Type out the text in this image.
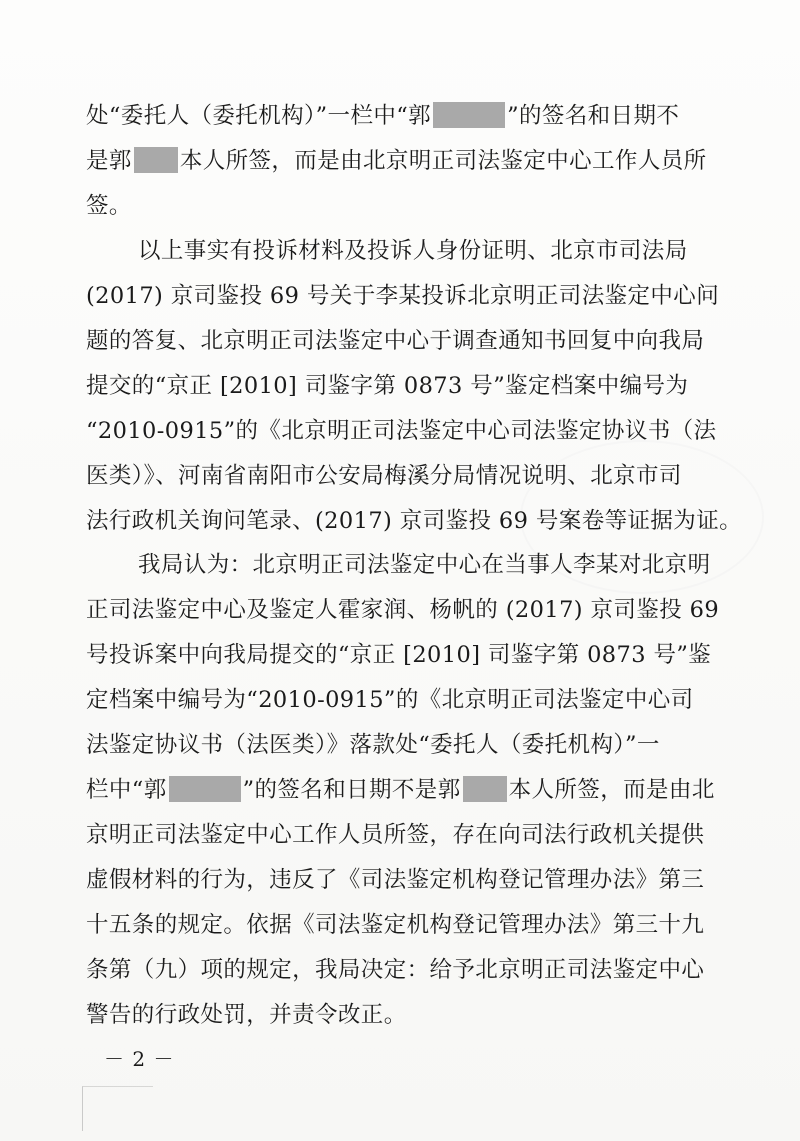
处“委托人（委托机构）”一栏中“郭	”的签名和日期不
是郭 本人所签，而是由北京明正司法鉴定中心工作人员所
签。
以上事实有投诉材料及投诉人身份证明、北京市司法局
(2017) 京司鉴投 69 号关于李某投诉北京明正司法鉴定中心问
题的答复、北京明正司法鉴定中心于调查通知书回复中向我局
提交的“京正 [2010] 司鉴字第 0873 号”鉴定档案中编号为
“2010-0915”的《北京明正司法鉴定中心司法鉴定协议书（法
医类）》、河南省南阳市公安局梅溪分局情况说明、北京市司
法行政机关询问笔录、(2017) 京司鉴投 69 号案卷等证据为证。
我局认为：北京明正司法鉴定中心在当事人李某对北京明
正司法鉴定中心及鉴定人霍家润、杨帆的 (2017) 京司鉴投 69
号投诉案中向我局提交的“京正 [2010] 司鉴字第 0873 号”鉴
定档案中编号为“2010-0915”的《北京明正司法鉴定中心司
法鉴定协议书（法医类）》落款处“委托人（委托机构）”一
栏中“郭	”的签名和日期不是郭 本人所签，而是由北
京明正司法鉴定中心工作人员所签，存在向司法行政机关提供
虚假材料的行为，违反了《司法鉴定机构登记管理办法》第三
十五条的规定。依据《司法鉴定机构登记管理办法》第三十九
条第（九）项的规定，我局决定：给予北京明正司法鉴定中心
－ 2 －
警告的行政处罚，并责令改正。
